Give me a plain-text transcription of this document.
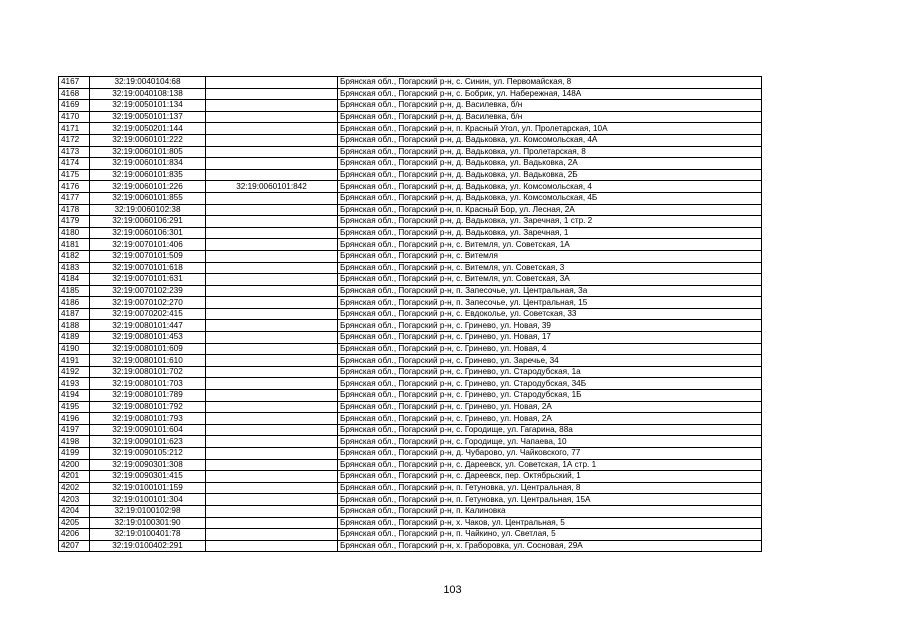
4167	32:19:0040104:68		Брянская обл., Погарский р-н, с. Синин, ул. Первомайская, 8
4168	32:19:0040108:138		Брянская обл., Погарский р-н, с. Бобрик, ул. Набережная, 148А
4169	32:19:0050101:134		Брянская обл., Погарский р-н, д. Василевка, б/н
4170	32:19:0050101:137		Брянская обл., Погарский р-н, д. Василевка, б/н
4171	32:19:0050201:144		Брянская обл., Погарский р-н, п. Красный Угол, ул. Пролетарская, 10А
4172	32:19:0060101:222		Брянская обл., Погарский р-н, д. Вадьковка, ул. Комсомольская, 4А
4173	32:19:0060101:805		Брянская обл., Погарский р-н, д. Вадьковка, ул. Пролетарская, 8
4174	32:19:0060101:834		Брянская обл., Погарский р-н, д. Вадьковка, ул. Вадьковка, 2А
4175	32:19:0060101:835		Брянская обл., Погарский р-н, д. Вадьковка, ул. Вадьковка, 2Б
4176	32:19:0060101:226	32:19:0060101:842	Брянская обл., Погарский р-н, д. Вадьковка, ул. Комсомольская, 4
4177	32:19:0060101:855		Брянская обл., Погарский р-н, д. Вадьковка, ул. Комсомольская, 4Б
4178	32:19:0060102:38		Брянская обл., Погарский р-н, п. Красный Бор, ул. Лесная, 2А
4179	32:19:0060106:291		Брянская обл., Погарский р-н, д. Вадьковка, ул. Заречная, 1 стр. 2
4180	32:19:0060106:301		Брянская обл., Погарский р-н, д. Вадьковка, ул. Заречная, 1
4181	32:19:0070101:406		Брянская обл., Погарский р-н, с. Витемля, ул. Советская, 1А
4182	32:19:0070101:509		Брянская обл., Погарский р-н, с. Витемля
4183	32:19:0070101:618		Брянская обл., Погарский р-н, с. Витемля, ул. Советская, 3
4184	32:19:0070101:631		Брянская обл., Погарский р-н, с. Витемля, ул. Советская, 3А
4185	32:19:0070102:239		Брянская обл., Погарский р-н, п. Запесочье, ул. Центральная, 3а
4186	32:19:0070102:270		Брянская обл., Погарский р-н, п. Запесочье, ул. Центральная, 15
4187	32:19:0070202:415		Брянская обл., Погарский р-н, с. Евдоколье, ул. Советская, 33
4188	32:19:0080101:447		Брянская обл., Погарский р-н, с. Гринево, ул. Новая, 39
4189	32:19:0080101:453		Брянская обл., Погарский р-н, с. Гринево, ул. Новая, 17
4190	32:19:0080101:609		Брянская обл., Погарский р-н, с. Гринево, ул. Новая, 4
4191	32:19:0080101:610		Брянская обл., Погарский р-н, с. Гринево, ул. Заречье, 34
4192	32:19:0080101:702		Брянская обл., Погарский р-н, с. Гринево, ул. Стародубская, 1а
4193	32:19:0080101:703		Брянская обл., Погарский р-н, с. Гринево, ул. Стародубская, 34Б
4194	32:19:0080101:789		Брянская обл., Погарский р-н, с. Гринево, ул. Стародубская, 1Б
4195	32:19:0080101:792		Брянская обл., Погарский р-н, с. Гринево, ул. Новая, 2А
4196	32:19:0080101:793		Брянская обл., Погарский р-н, с. Гринево, ул. Новая, 2А
4197	32:19:0090101:604		Брянская обл., Погарский р-н, с. Городище, ул. Гагарина, 88а
4198	32:19:0090101:623		Брянская обл., Погарский р-н, с. Городище, ул. Чапаева, 10
4199	32:19:0090105:212		Брянская обл., Погарский р-н, д. Чубарово, ул. Чайковского, 77
4200	32:19:0090301:308		Брянская обл., Погарский р-н, с. Дареевск, ул. Советская, 1А стр. 1
4201	32:19:0090301:415		Брянская обл., Погарский р-н, с. Дареевск, пер. Октябрьский, 1
4202	32:19:0100101:159		Брянская обл., Погарский р-н, п. Гетуновка, ул. Центральная, 8
4203	32:19:0100101:304		Брянская обл., Погарский р-н, п. Гетуновка, ул. Центральная, 15А
4204	32:19:0100102:98		Брянская обл., Погарский р-н, п. Калиновка
4205	32:19:0100301:90		Брянская обл., Погарский р-н, х. Чаков, ул. Центральная, 5
4206	32:19:0100401:78		Брянская обл., Погарский р-н, п. Чайкино, ул. Светлая, 5
4207	32:19:0100402:291		Брянская обл., Погарский р-н, х. Граборовка, ул. Сосновая, 29А
103
